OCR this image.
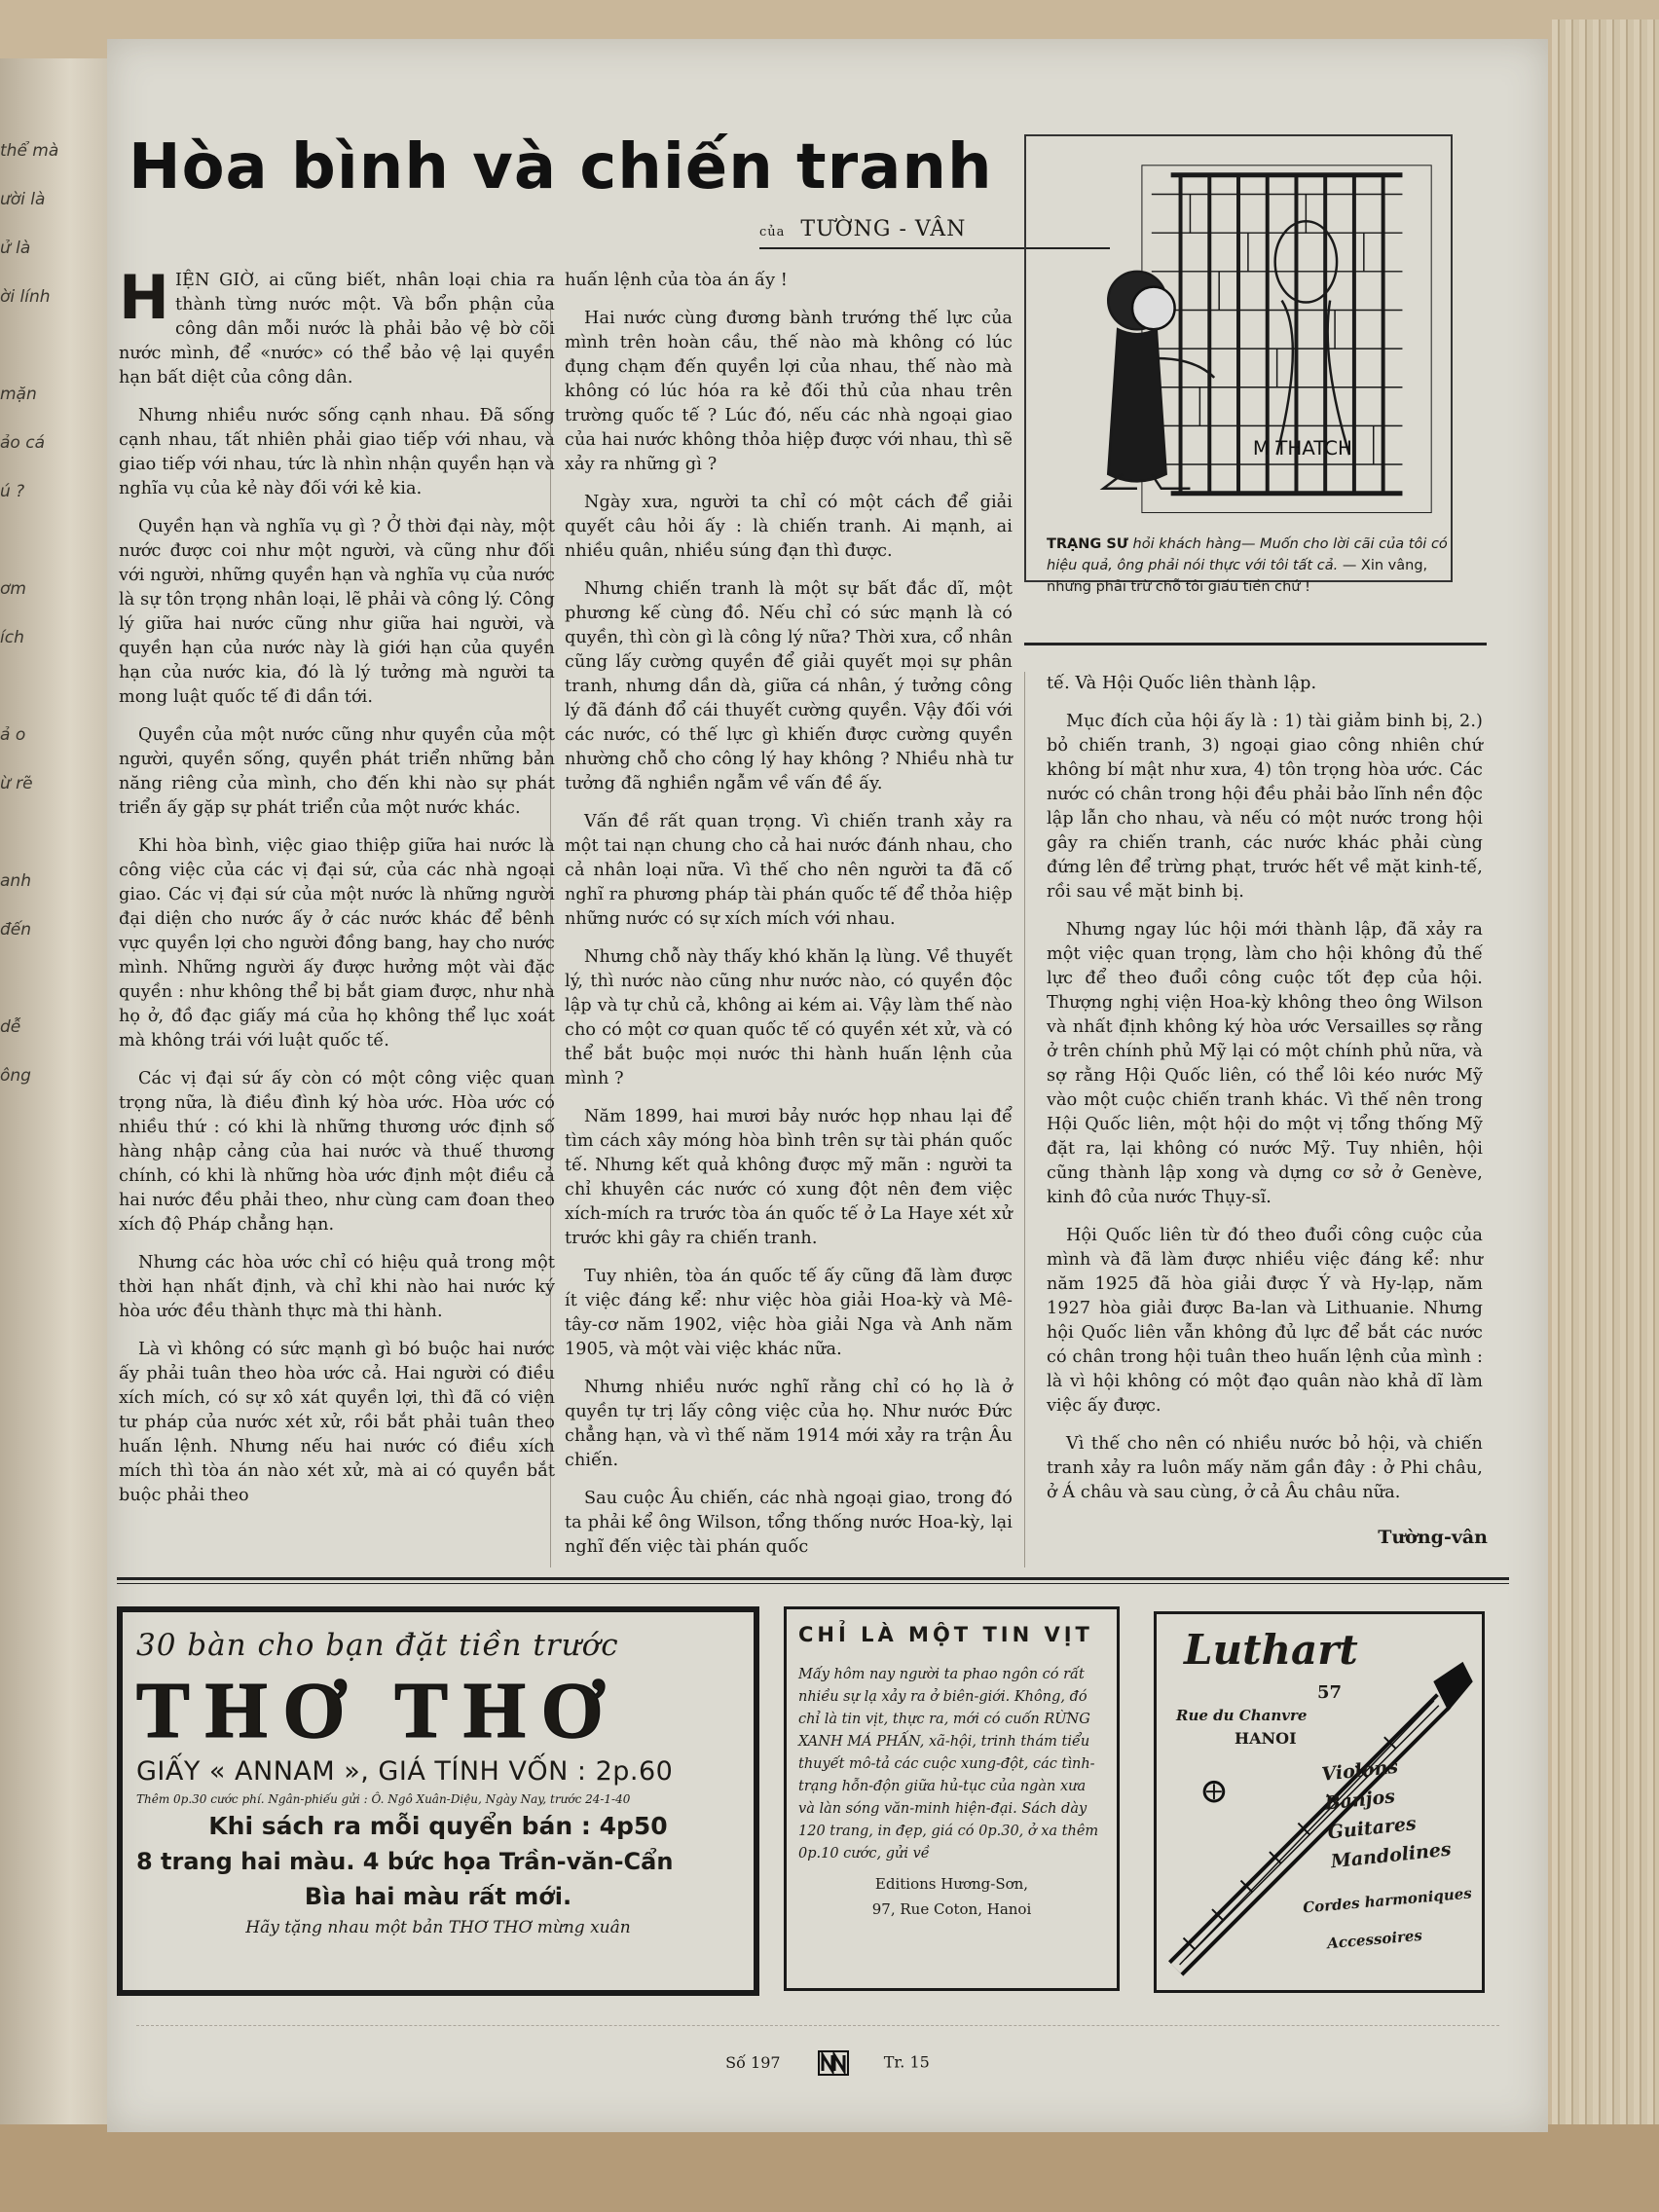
thể mà
ười là
ử là
ời lính

mặn
ảo cá
ú ?

ơm
ích

ả o
ừ rẽ

anh
đến

dễ
ông
Hòa bình và chiến tranh
của TƯỜNG - VÂN

H IỆN GIỜ, ai cũng biết, nhân loại chia ra thành từng nước một. Và bổn phận của công dân mỗi nước là phải bảo vệ bờ cõi nước mình, để «nước» có thể bảo vệ lại quyền hạn bất diệt của công dân.

Nhưng nhiều nước sống cạnh nhau. Đã sống cạnh nhau, tất nhiên phải giao tiếp với nhau, và giao tiếp với nhau, tức là nhìn nhận quyền hạn và nghĩa vụ của kẻ này đối với kẻ kia.

Quyền hạn và nghĩa vụ gì ? Ở thời đại này, một nước được coi như một người, và cũng như đối với người, những quyền hạn và nghĩa vụ của nước là sự tôn trọng nhân loại, lẽ phải và công lý. Công lý giữa hai nước cũng như giữa hai người, và quyền hạn của nước này là giới hạn của quyền hạn của nước kia, đó là lý tưởng mà người ta mong luật quốc tế đi dần tới.

Quyền của một nước cũng như quyền của một người, quyền sống, quyền phát triển những bản năng riêng của mình, cho đến khi nào sự phát triển ấy gặp sự phát triển của một nước khác.

Khi hòa bình, việc giao thiệp giữa hai nước là công việc của các vị đại sứ, của các nhà ngoại giao. Các vị đại sứ của một nước là những người đại diện cho nước ấy ở các nước khác để bênh vực quyền lợi cho người đồng bang, hay cho nước mình. Những người ấy được hưởng một vài đặc quyền : như không thể bị bắt giam được, như nhà họ ở, đồ đạc giấy má của họ không thể lục xoát mà không trái với luật quốc tế.

Các vị đại sứ ấy còn có một công việc quan trọng nữa, là điều đình ký hòa ước. Hòa ước có nhiều thứ : có khi là những thương ước định số hàng nhập cảng của hai nước và thuế thương chính, có khi là những hòa ước định một điều cả hai nước đều phải theo, như cùng cam đoan theo xích độ Pháp chẳng hạn.

Nhưng các hòa ước chỉ có hiệu quả trong một thời hạn nhất định, và chỉ khi nào hai nước ký hòa ước đều thành thực mà thi hành.

Là vì không có sức mạnh gì bó buộc hai nước ấy phải tuân theo hòa ước cả. Hai người có điều xích mích, có sự xô xát quyền lợi, thì đã có viện tư pháp của nước xét xử, rồi bắt phải tuân theo huấn lệnh. Nhưng nếu hai nước có điều xích mích thì tòa án nào xét xử, mà ai có quyền bắt buộc phải theo

huấn lệnh của tòa án ấy !

Hai nước cùng đương bành trướng thế lực của mình trên hoàn cầu, thế nào mà không có lúc đụng chạm đến quyền lợi của nhau, thế nào mà không có lúc hóa ra kẻ đối thủ của nhau trên trường quốc tế ? Lúc đó, nếu các nhà ngoại giao của hai nước không thỏa hiệp được với nhau, thì sẽ xảy ra những gì ?

Ngày xưa, người ta chỉ có một cách để giải quyết câu hỏi ấy : là chiến tranh. Ai mạnh, ai nhiều quân, nhiều súng đạn thì được.

Nhưng chiến tranh là một sự bất đắc dĩ, một phương kế cùng đồ. Nếu chỉ có sức mạnh là có quyền, thì còn gì là công lý nữa? Thời xưa, cổ nhân cũng lấy cường quyền để giải quyết mọi sự phân tranh, nhưng dần dà, giữa cá nhân, ý tưởng công lý đã đánh đổ cái thuyết cường quyền. Vậy đối với các nước, có thế lực gì khiến được cường quyền nhường chỗ cho công lý hay không ? Nhiều nhà tư tưởng đã nghiền ngẫm về vấn đề ấy.

Vấn đề rất quan trọng. Vì chiến tranh xảy ra một tai nạn chung cho cả hai nước đánh nhau, cho cả nhân loại nữa. Vì thế cho nên người ta đã cố nghĩ ra phương pháp tài phán quốc tế để thỏa hiệp những nước có sự xích mích với nhau.

Nhưng chỗ này thấy khó khăn lạ lùng. Về thuyết lý, thì nước nào cũng như nước nào, có quyền độc lập và tự chủ cả, không ai kém ai. Vậy làm thế nào cho có một cơ quan quốc tế có quyền xét xử, và có thể bắt buộc mọi nước thi hành huấn lệnh của mình ?

Năm 1899, hai mươi bảy nước họp nhau lại để tìm cách xây móng hòa bình trên sự tài phán quốc tế. Nhưng kết quả không được mỹ mãn : người ta chỉ khuyên các nước có xung đột nên đem việc xích-mích ra trước tòa án quốc tế ở La Haye xét xử trước khi gây ra chiến tranh.

Tuy nhiên, tòa án quốc tế ấy cũng đã làm được ít việc đáng kể: như việc hòa giải Hoa-kỳ và Mê-tây-cơ năm 1902, việc hòa giải Nga và Anh năm 1905, và một vài việc khác nữa.

Nhưng nhiều nước nghĩ rằng chỉ có họ là ở quyền tự trị lấy công việc của họ. Như nước Đức chẳng hạn, và vì thế năm 1914 mới xảy ra trận Âu chiến.

Sau cuộc Âu chiến, các nhà ngoại giao, trong đó ta phải kể ông Wilson, tổng thống nước Hoa-kỳ, lại nghĩ đến việc tài phán quốc

M THATCH
TRẠNG SƯ hỏi khách hàng— Muốn cho lời cãi của tôi có hiệu quả, ông phải nói thực với tôi tất cả. — Xin vâng, nhưng phải trừ chỗ tôi giấu tiền chứ !

tế. Và Hội Quốc liên thành lập.

Mục đích của hội ấy là : 1) tài giảm binh bị, 2.) bỏ chiến tranh, 3) ngoại giao công nhiên chứ không bí mật như xưa, 4) tôn trọng hòa ước. Các nước có chân trong hội đều phải bảo lĩnh nền độc lập lẫn cho nhau, và nếu có một nước trong hội gây ra chiến tranh, các nước khác phải cùng đứng lên để trừng phạt, trước hết về mặt kinh-tế, rồi sau về mặt binh bị.

Nhưng ngay lúc hội mới thành lập, đã xảy ra một việc quan trọng, làm cho hội không đủ thế lực để theo đuổi công cuộc tốt đẹp của hội. Thượng nghị viện Hoa-kỳ không theo ông Wilson và nhất định không ký hòa ước Versailles sợ rằng ở trên chính phủ Mỹ lại có một chính phủ nữa, và sợ rằng Hội Quốc liên, có thể lôi kéo nước Mỹ vào một cuộc chiến tranh khác. Vì thế nên trong Hội Quốc liên, một hội do một vị tổng thống Mỹ đặt ra, lại không có nước Mỹ. Tuy nhiên, hội cũng thành lập xong và dựng cơ sở ở Genève, kinh đô của nước Thụy-sĩ.

Hội Quốc liên từ đó theo đuổi công cuộc của mình và đã làm được nhiều việc đáng kể: như năm 1925 đã hòa giải được Ý và Hy-lạp, năm 1927 hòa giải được Ba-lan và Lithuanie. Nhưng hội Quốc liên vẫn không đủ lực để bắt các nước có chân trong hội tuân theo huấn lệnh của mình : là vì hội không có một đạo quân nào khả dĩ làm việc ấy được.

Vì thế cho nên có nhiều nước bỏ hội, và chiến tranh xảy ra luôn mấy năm gần đây : ở Phi châu, ở Á châu và sau cùng, ở cả Âu châu nữa.

Tường-vân
30 bàn cho bạn đặt tiền trước
THƠ THƠ
GIẤY « ANNAM », GIÁ TÍNH VỐN : 2p.60
Thêm 0p.30 cước phí. Ngân-phiếu gửi : Ô. Ngô Xuân-Diệu, Ngày Nay, trước 24-1-40
Khi sách ra mỗi quyển bán : 4p50
8 trang hai màu. 4 bức họa Trần-văn-Cẩn
Bìa hai màu rất mới.
Hãy tặng nhau một bản THƠ THƠ mừng xuân
CHỈ LÀ MỘT TIN VỊT
Mấy hôm nay người ta phao ngôn có rất nhiều sự lạ xảy ra ở biên-giới. Không, đó chỉ là tin vịt, thực ra, mới có cuốn RỪNG XANH MÁ PHẤN, xã-hội, trinh thám tiểu thuyết mô-tả các cuộc xung-đột, các tình-trạng hỗn-độn giữa hủ-tục của ngàn xưa và làn sóng văn-minh hiện-đại. Sách dày 120 trang, in đẹp, giá có 0p.30, ở xa thêm 0p.10 cước, gửi về
Editions Hương-Sơn,
97, Rue Coton, Hanoi
Luthart
57
Rue du Chanvre
HANOI
Violons
Banjos
Guitares
Mandolines
Cordes harmoniques
Accessoires
Số 197	Tr. 15
